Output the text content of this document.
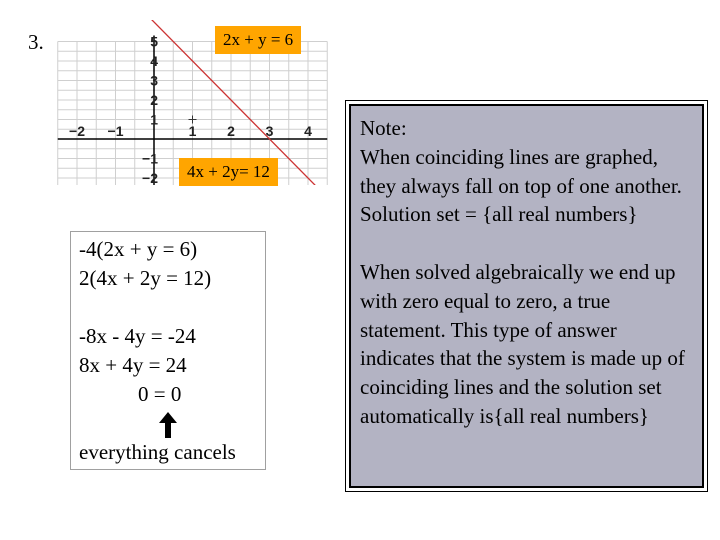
3.
−2 −1	1 2 3 4
5
4
3
2
1
−1
−2
2x + y = 6
4x + 2y= 12
-4(2x + y = 6)
2(4x + 2y = 12)
-8x - 4y = -24
8x + 4y = 24
0 = 0
everything cancels

Note:

When coinciding lines are graphed, they always fall on top of one another.

Solution set = {all real numbers}

When solved algebraically we end up with zero equal to zero, a true statement. This type of answer indicates that the system is made up of coinciding lines and the solution set automatically is{all real numbers}
